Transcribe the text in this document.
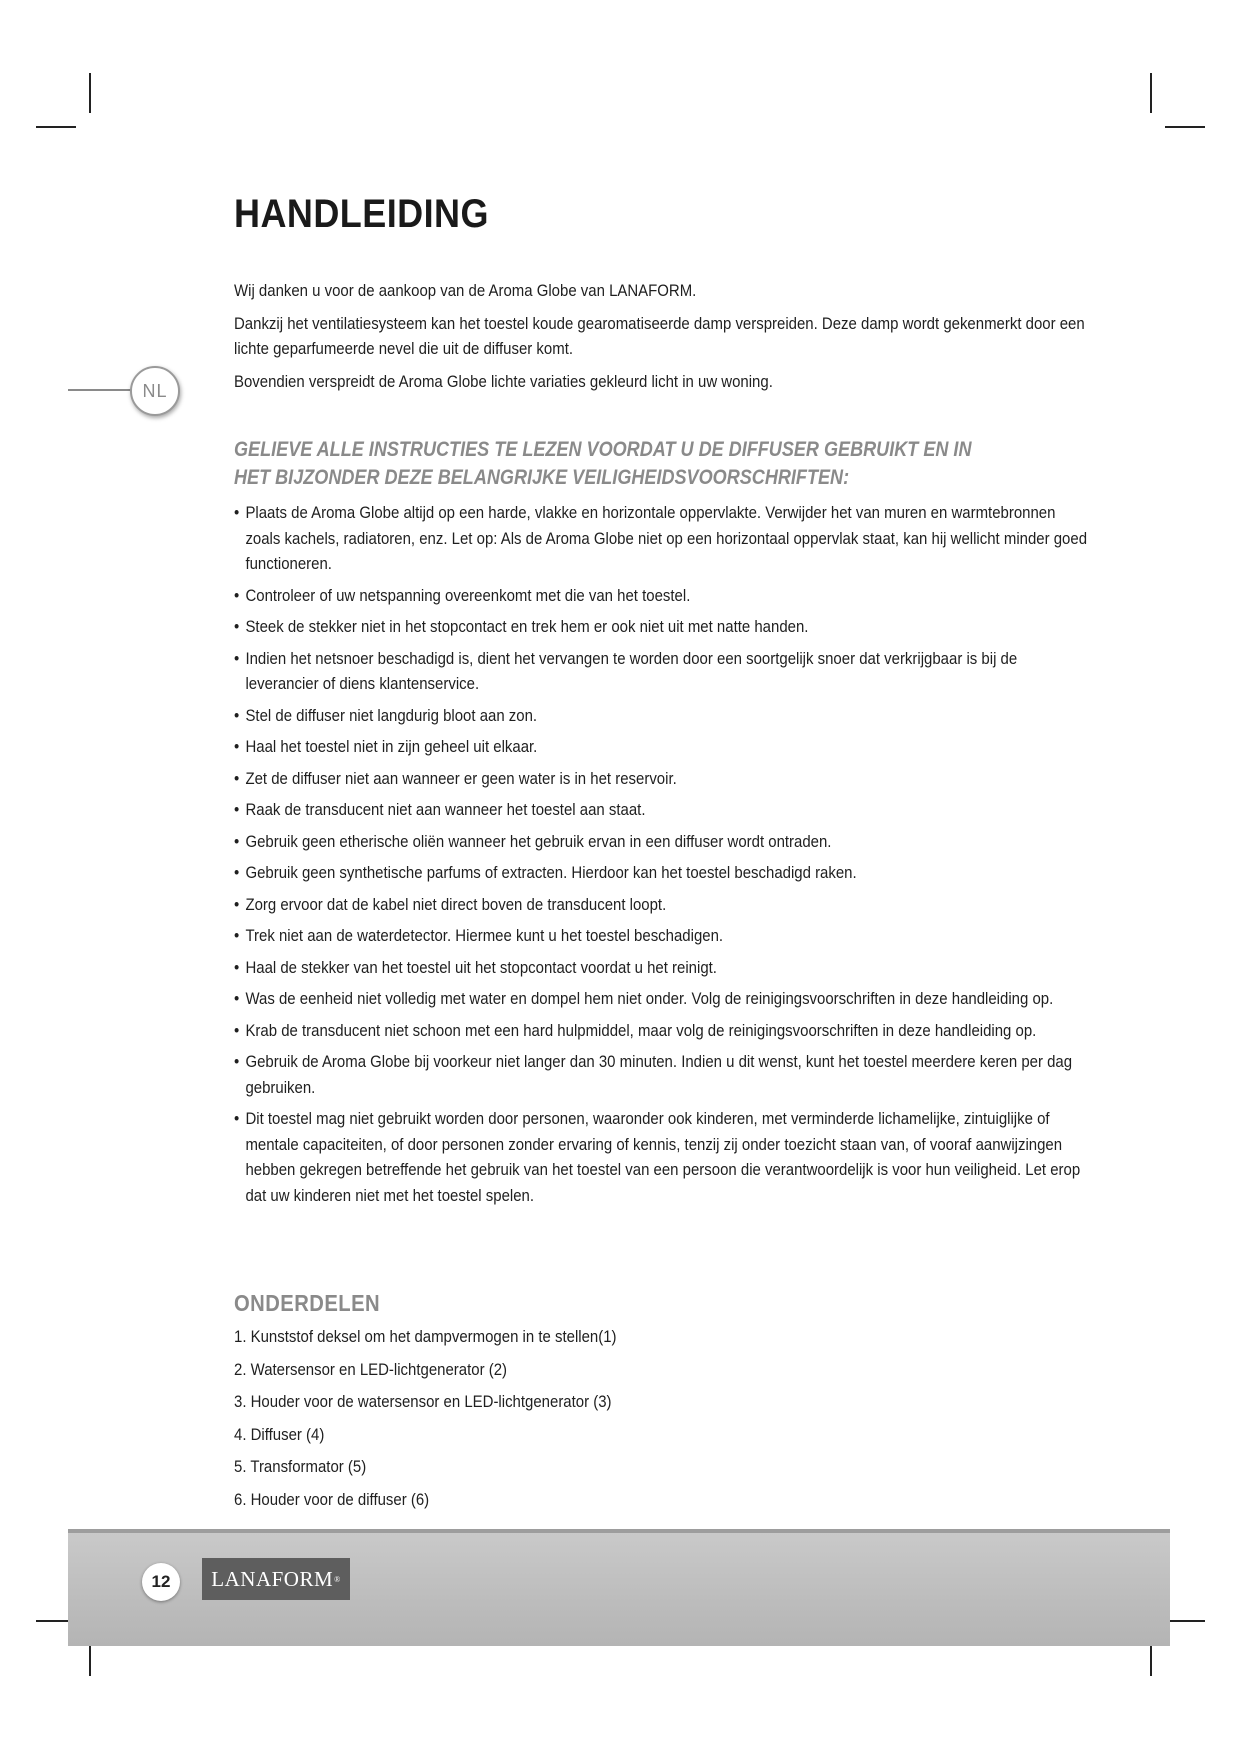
NL
HANDLEIDING

Wij danken u voor de aankoop van de Aroma Globe van LANAFORM.

Dankzij het ventilatiesysteem kan het toestel koude gearomatiseerde damp verspreiden. Deze damp wordt gekenmerkt door een lichte geparfumeerde nevel die uit de diffuser komt.

Bovendien verspreidt de Aroma Globe lichte variaties gekleurd licht in uw woning.

GELIEVE ALLE INSTRUCTIES TE LEZEN VOORDAT U DE DIFFUSER GEBRUIKT EN IN HET BIJZONDER DEZE BELANGRIJKE VEILIGHEIDSVOORSCHRIFTEN:
• Plaats de Aroma Globe altijd op een harde, vlakke en horizontale oppervlakte. Verwijder het van muren en warmtebronnen zoals kachels, radiatoren, enz. Let op: Als de Aroma Globe niet op een horizontaal oppervlak staat, kan hij wellicht minder goed functioneren.
• Controleer of uw netspanning overeenkomt met die van het toestel.
• Steek de stekker niet in het stopcontact en trek hem er ook niet uit met natte handen.
• Indien het netsnoer beschadigd is, dient het vervangen te worden door een soortgelijk snoer dat verkrijgbaar is bij de leverancier of diens klantenservice.
• Stel de diffuser niet langdurig bloot aan zon.
• Haal het toestel niet in zijn geheel uit elkaar.
• Zet de diffuser niet aan wanneer er geen water is in het reservoir.
• Raak de transducent niet aan wanneer het toestel aan staat.
• Gebruik geen etherische oliën wanneer het gebruik ervan in een diffuser wordt ontraden.
• Gebruik geen synthetische parfums of extracten. Hierdoor kan het toestel beschadigd raken.
• Zorg ervoor dat de kabel niet direct boven de transducent loopt.
• Trek niet aan de waterdetector. Hiermee kunt u het toestel beschadigen.
• Haal de stekker van het toestel uit het stopcontact voordat u het reinigt.
• Was de eenheid niet volledig met water en dompel hem niet onder. Volg de reinigingsvoorschriften in deze handleiding op.
• Krab de transducent niet schoon met een hard hulpmiddel, maar volg de reinigingsvoorschriften in deze handleiding op.
• Gebruik de Aroma Globe bij voorkeur niet langer dan 30 minuten. Indien u dit wenst, kunt het toestel meerdere keren per dag gebruiken.
• Dit toestel mag niet gebruikt worden door personen, waaronder ook kinderen, met verminderde lichamelijke, zintuiglijke of mentale capaciteiten, of door personen zonder ervaring of kennis, tenzij zij onder toezicht staan van, of vooraf aanwijzingen hebben gekregen betreffende het gebruik van het toestel van een persoon die verantwoordelijk is voor hun veiligheid. Let erop dat uw kinderen niet met het toestel spelen.
ONDERDELEN
1. Kunststof deksel om het dampvermogen in te stellen(1)
2. Watersensor en LED-lichtgenerator (2)
3. Houder voor de watersensor en LED-lichtgenerator (3)
4. Diffuser (4)
5. Transformator (5)
6. Houder voor de diffuser (6)
12	LANAFORM ®
